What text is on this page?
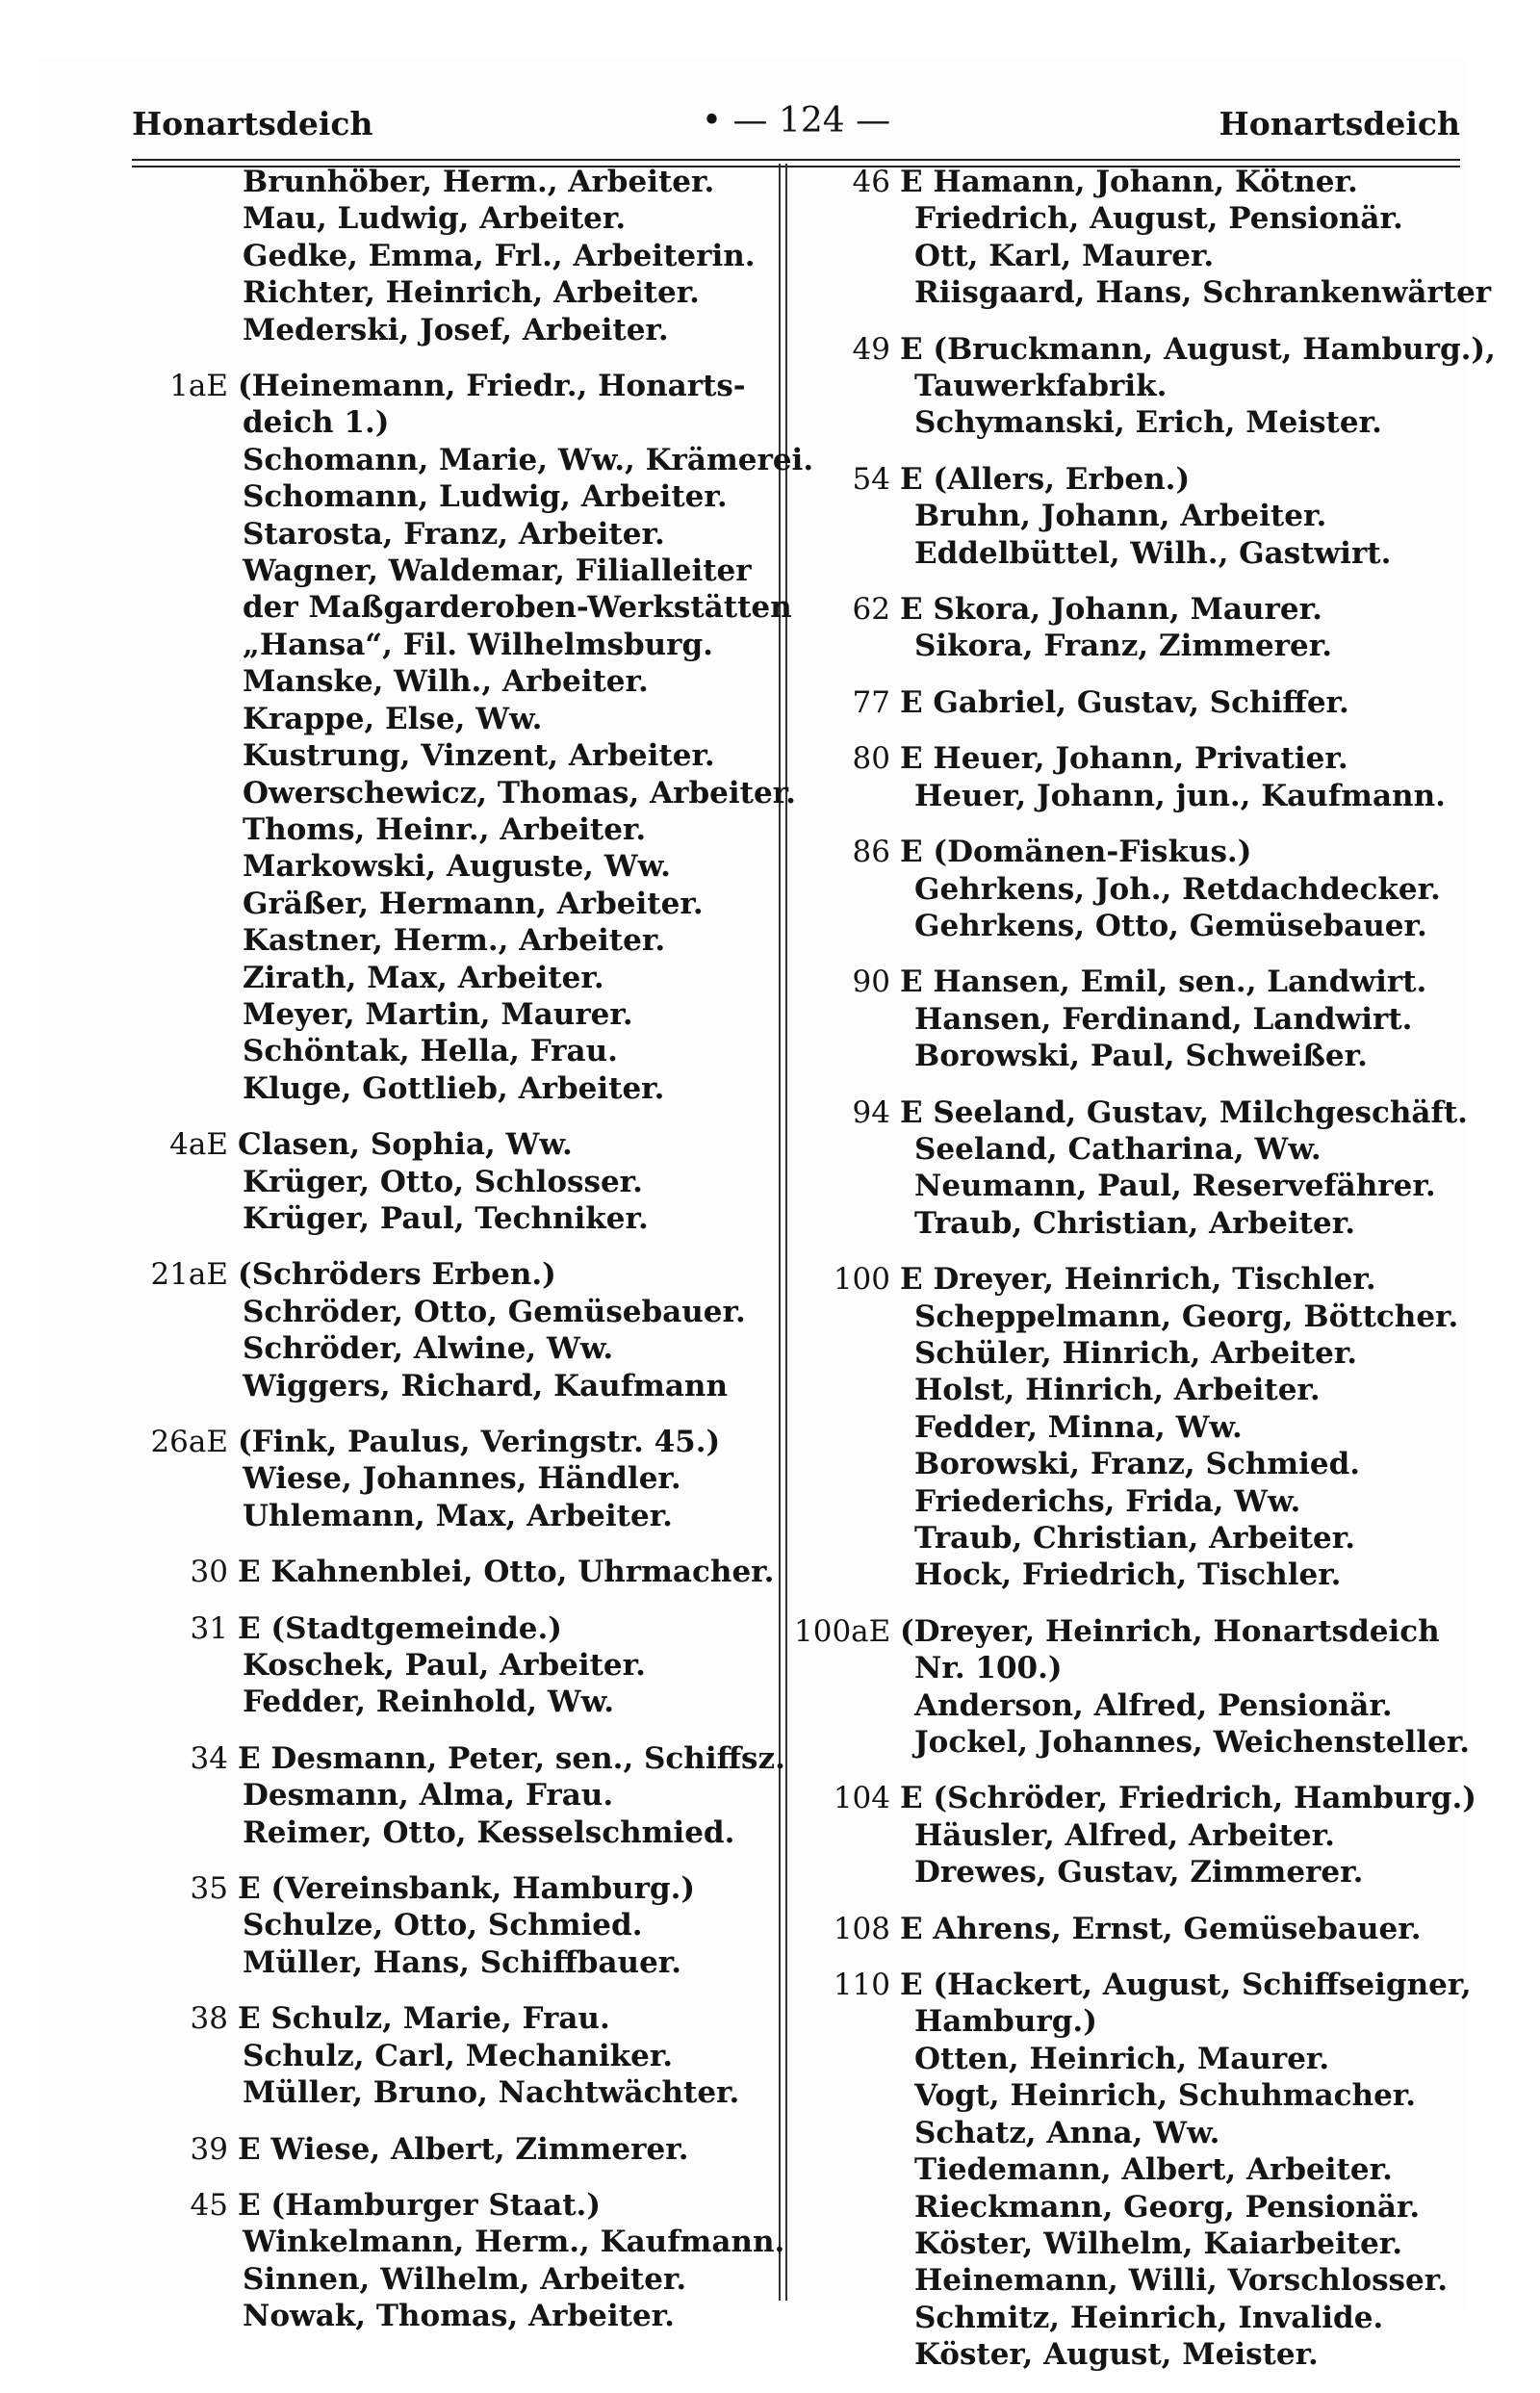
Honartsdeich	• — 124 —	Honartsdeich
Brunhöber, Herm., Arbeiter.
Mau, Ludwig, Arbeiter.
Gedke, Emma, Frl., Arbeiterin.
Richter, Heinrich, Arbeiter.
Mederski, Josef, Arbeiter.
1aE (Heinemann, Friedr., Honarts-
deich 1.)
Schomann, Marie, Ww., Krämerei.
Schomann, Ludwig, Arbeiter.
Starosta, Franz, Arbeiter.
Wagner, Waldemar, Filialleiter
der Maßgarderoben-Werkstätten
„Hansa“, Fil. Wilhelmsburg.
Manske, Wilh., Arbeiter.
Krappe, Else, Ww.
Kustrung, Vinzent, Arbeiter.
Owerschewicz, Thomas, Arbeiter.
Thoms, Heinr., Arbeiter.
Markowski, Auguste, Ww.
Gräßer, Hermann, Arbeiter.
Kastner, Herm., Arbeiter.
Zirath, Max, Arbeiter.
Meyer, Martin, Maurer.
Schöntak, Hella, Frau.
Kluge, Gottlieb, Arbeiter.
4aE Clasen, Sophia, Ww.
Krüger, Otto, Schlosser.
Krüger, Paul, Techniker.
21aE (Schröders Erben.)
Schröder, Otto, Gemüsebauer.
Schröder, Alwine, Ww.
Wiggers, Richard, Kaufmann
26aE (Fink, Paulus, Veringstr. 45.)
Wiese, Johannes, Händler.
Uhlemann, Max, Arbeiter.
30 E Kahnenblei, Otto, Uhrmacher.
31 E (Stadtgemeinde.)
Koschek, Paul, Arbeiter.
Fedder, Reinhold, Ww.
34 E Desmann, Peter, sen., Schiffsz.
Desmann, Alma, Frau.
Reimer, Otto, Kesselschmied.
35 E (Vereinsbank, Hamburg.)
Schulze, Otto, Schmied.
Müller, Hans, Schiffbauer.
38 E Schulz, Marie, Frau.
Schulz, Carl, Mechaniker.
Müller, Bruno, Nachtwächter.
39 E Wiese, Albert, Zimmerer.
45 E (Hamburger Staat.)
Winkelmann, Herm., Kaufmann.
Sinnen, Wilhelm, Arbeiter.
Nowak, Thomas, Arbeiter.
46 E Hamann, Johann, Kötner.
Friedrich, August, Pensionär.
Ott, Karl, Maurer.
Riisgaard, Hans, Schrankenwärter
49 E (Bruckmann, August, Hamburg.),
Tauwerkfabrik.
Schymanski, Erich, Meister.
54 E (Allers, Erben.)
Bruhn, Johann, Arbeiter.
Eddelbüttel, Wilh., Gastwirt.
62 E Skora, Johann, Maurer.
Sikora, Franz, Zimmerer.
77 E Gabriel, Gustav, Schiffer.
80 E Heuer, Johann, Privatier.
Heuer, Johann, jun., Kaufmann.
86 E (Domänen-Fiskus.)
Gehrkens, Joh., Retdachdecker.
Gehrkens, Otto, Gemüsebauer.
90 E Hansen, Emil, sen., Landwirt.
Hansen, Ferdinand, Landwirt.
Borowski, Paul, Schweißer.
94 E Seeland, Gustav, Milchgeschäft.
Seeland, Catharina, Ww.
Neumann, Paul, Reservefährer.
Traub, Christian, Arbeiter.
100 E Dreyer, Heinrich, Tischler.
Scheppelmann, Georg, Böttcher.
Schüler, Hinrich, Arbeiter.
Holst, Hinrich, Arbeiter.
Fedder, Minna, Ww.
Borowski, Franz, Schmied.
Friederichs, Frida, Ww.
Traub, Christian, Arbeiter.
Hock, Friedrich, Tischler.
100aE (Dreyer, Heinrich, Honartsdeich
Nr. 100.)
Anderson, Alfred, Pensionär.
Jockel, Johannes, Weichensteller.
104 E (Schröder, Friedrich, Hamburg.)
Häusler, Alfred, Arbeiter.
Drewes, Gustav, Zimmerer.
108 E Ahrens, Ernst, Gemüsebauer.
110 E (Hackert, August, Schiffseigner,
Hamburg.)
Otten, Heinrich, Maurer.
Vogt, Heinrich, Schuhmacher.
Schatz, Anna, Ww.
Tiedemann, Albert, Arbeiter.
Rieckmann, Georg, Pensionär.
Köster, Wilhelm, Kaiarbeiter.
Heinemann, Willi, Vorschlosser.
Schmitz, Heinrich, Invalide.
Köster, August, Meister.
